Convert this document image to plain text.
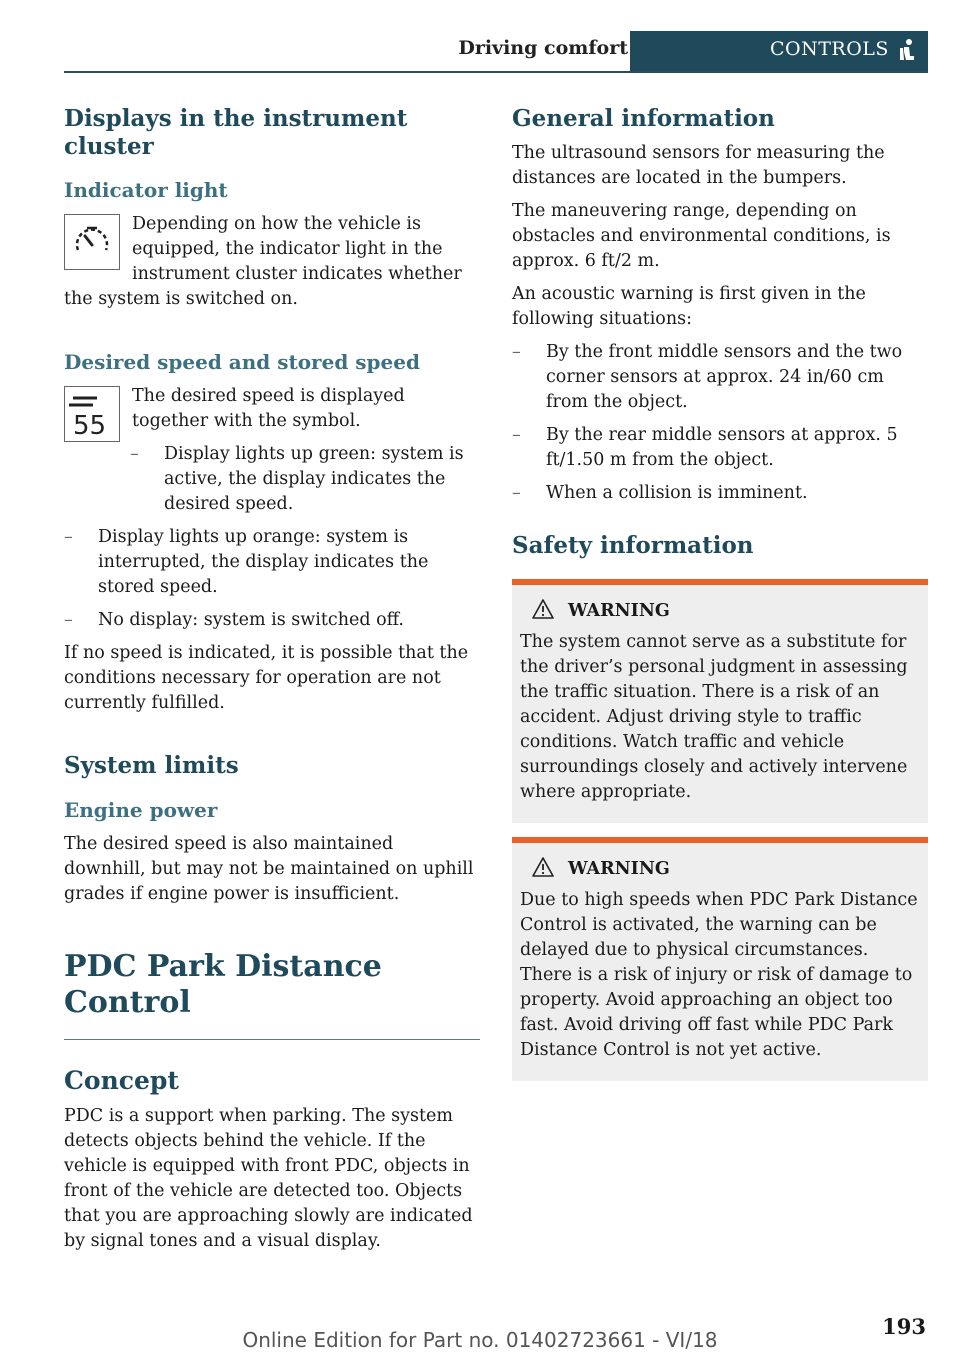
Driving comfort	CONTROLS
Displays in the instrument cluster
Indicator light

Depending on how the vehicle is equipped, the indicator light in the instrument cluster indicates whether the system is switched on.

Desired speed and stored speed
55

The desired speed is displayed together with the symbol.

– Display lights up green: system is active, the display indicates the desired speed.
– Display lights up orange: system is interrupted, the display indicates the stored speed.
– No display: system is switched off.

If no speed is indicated, it is possible that the conditions necessary for operation are not currently fulfilled.

System limits
Engine power

The desired speed is also maintained downhill, but may not be maintained on uphill grades if engine power is insufficient.

PDC Park Distance Control
Concept

PDC is a support when parking. The system detects objects behind the vehicle. If the vehicle is equipped with front PDC, objects in front of the vehicle are detected too. Objects that you are approaching slowly are indicated by signal tones and a visual display.

General information

The ultrasound sensors for measuring the distances are located in the bumpers.

The maneuvering range, depending on obstacles and environmental conditions, is approx. 6 ft/2 m.

An acoustic warning is first given in the following situations:

– By the front middle sensors and the two corner sensors at approx. 24 in/60 cm from the object.
– By the rear middle sensors at approx. 5 ft/1.50 m from the object.
– When a collision is imminent.
Safety information
WARNING

The system cannot serve as a substitute for the driver’s personal judgment in assessing the traffic situation. There is a risk of an accident. Adjust driving style to traffic conditions. Watch traffic and vehicle surroundings closely and actively intervene where appropriate.

WARNING

Due to high speeds when PDC Park Distance Control is activated, the warning can be delayed due to physical circumstances. There is a risk of injury or risk of damage to property. Avoid approaching an object too fast. Avoid driving off fast while PDC Park Distance Control is not yet active.

193
Online Edition for Part no. 01402723661 - VI/18
